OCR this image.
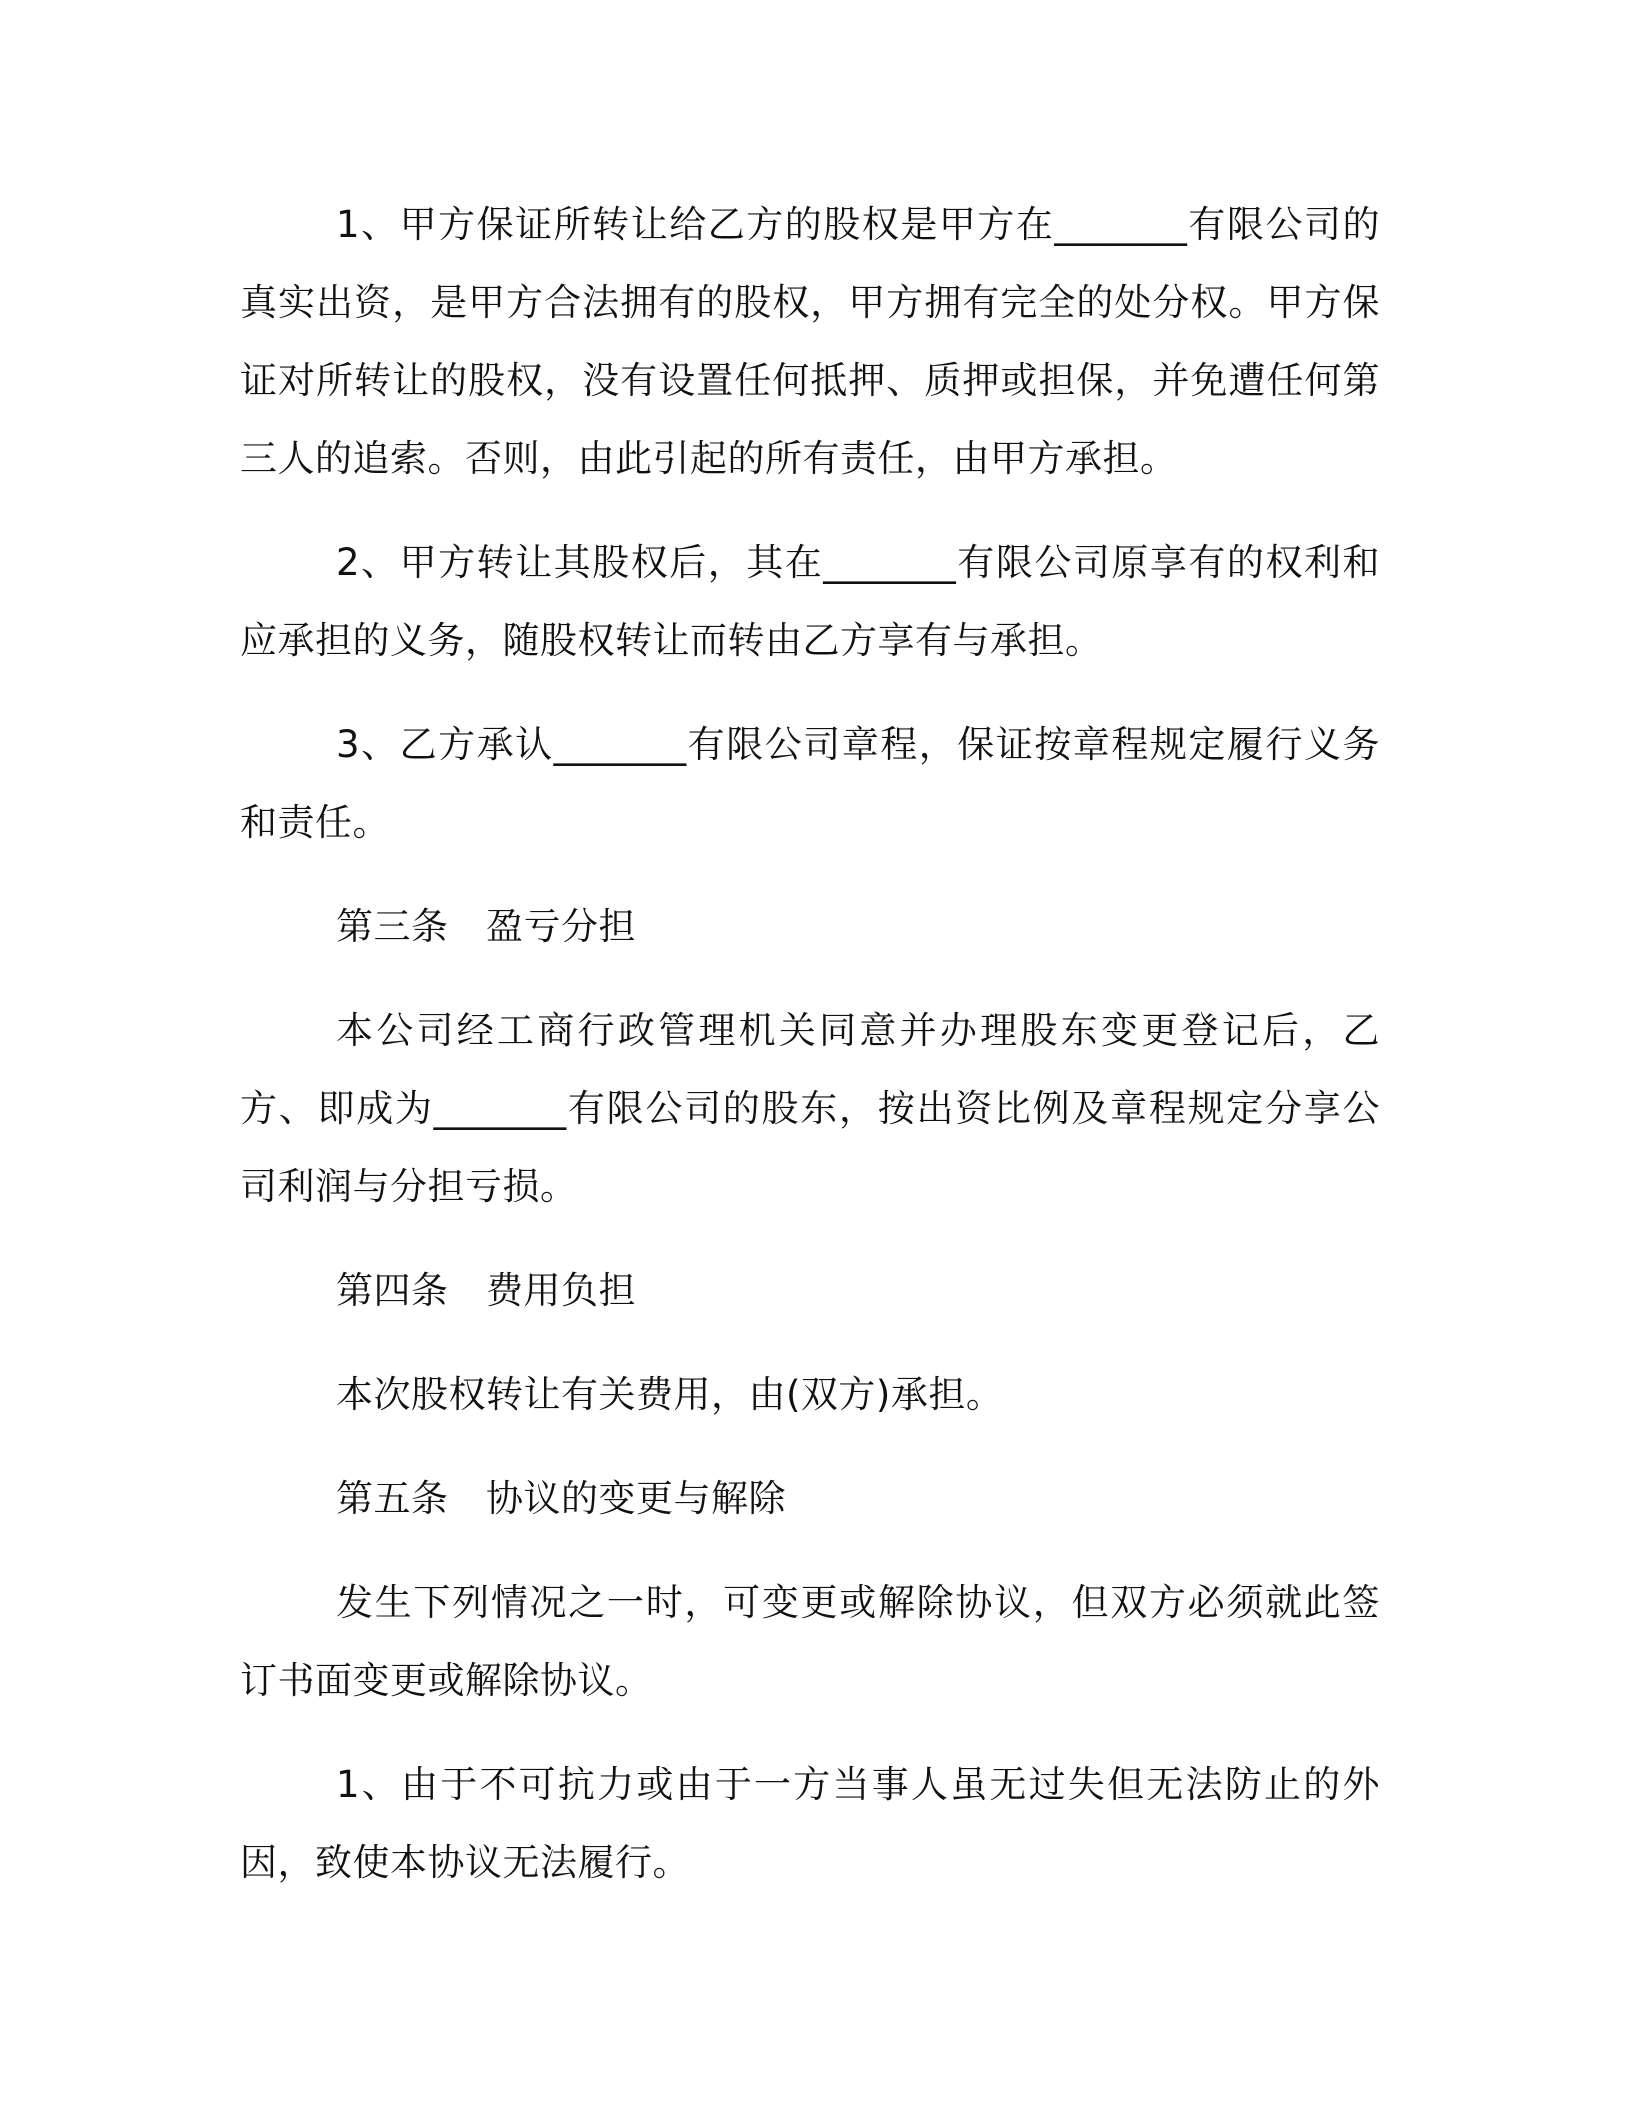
1、甲方保证所转让给乙方的股权是甲方在_______有限公司的真实出资，是甲方合法拥有的股权，甲方拥有完全的处分权。甲方保证对所转让的股权，没有设置任何抵押、质押或担保，并免遭任何第三人的追索。否则，由此引起的所有责任，由甲方承担。

2、甲方转让其股权后，其在_______有限公司原享有的权利和应承担的义务，随股权转让而转由乙方享有与承担。

3、乙方承认_______有限公司章程，保证按章程规定履行义务和责任。

第三条　盈亏分担

本公司经工商行政管理机关同意并办理股东变更登记后，乙方、即成为_______有限公司的股东，按出资比例及章程规定分享公司利润与分担亏损。

第四条　费用负担

本次股权转让有关费用，由(双方)承担。

第五条　协议的变更与解除

发生下列情况之一时，可变更或解除协议，但双方必须就此签订书面变更或解除协议。

1、由于不可抗力或由于一方当事人虽无过失但无法防止的外因，致使本协议无法履行。
